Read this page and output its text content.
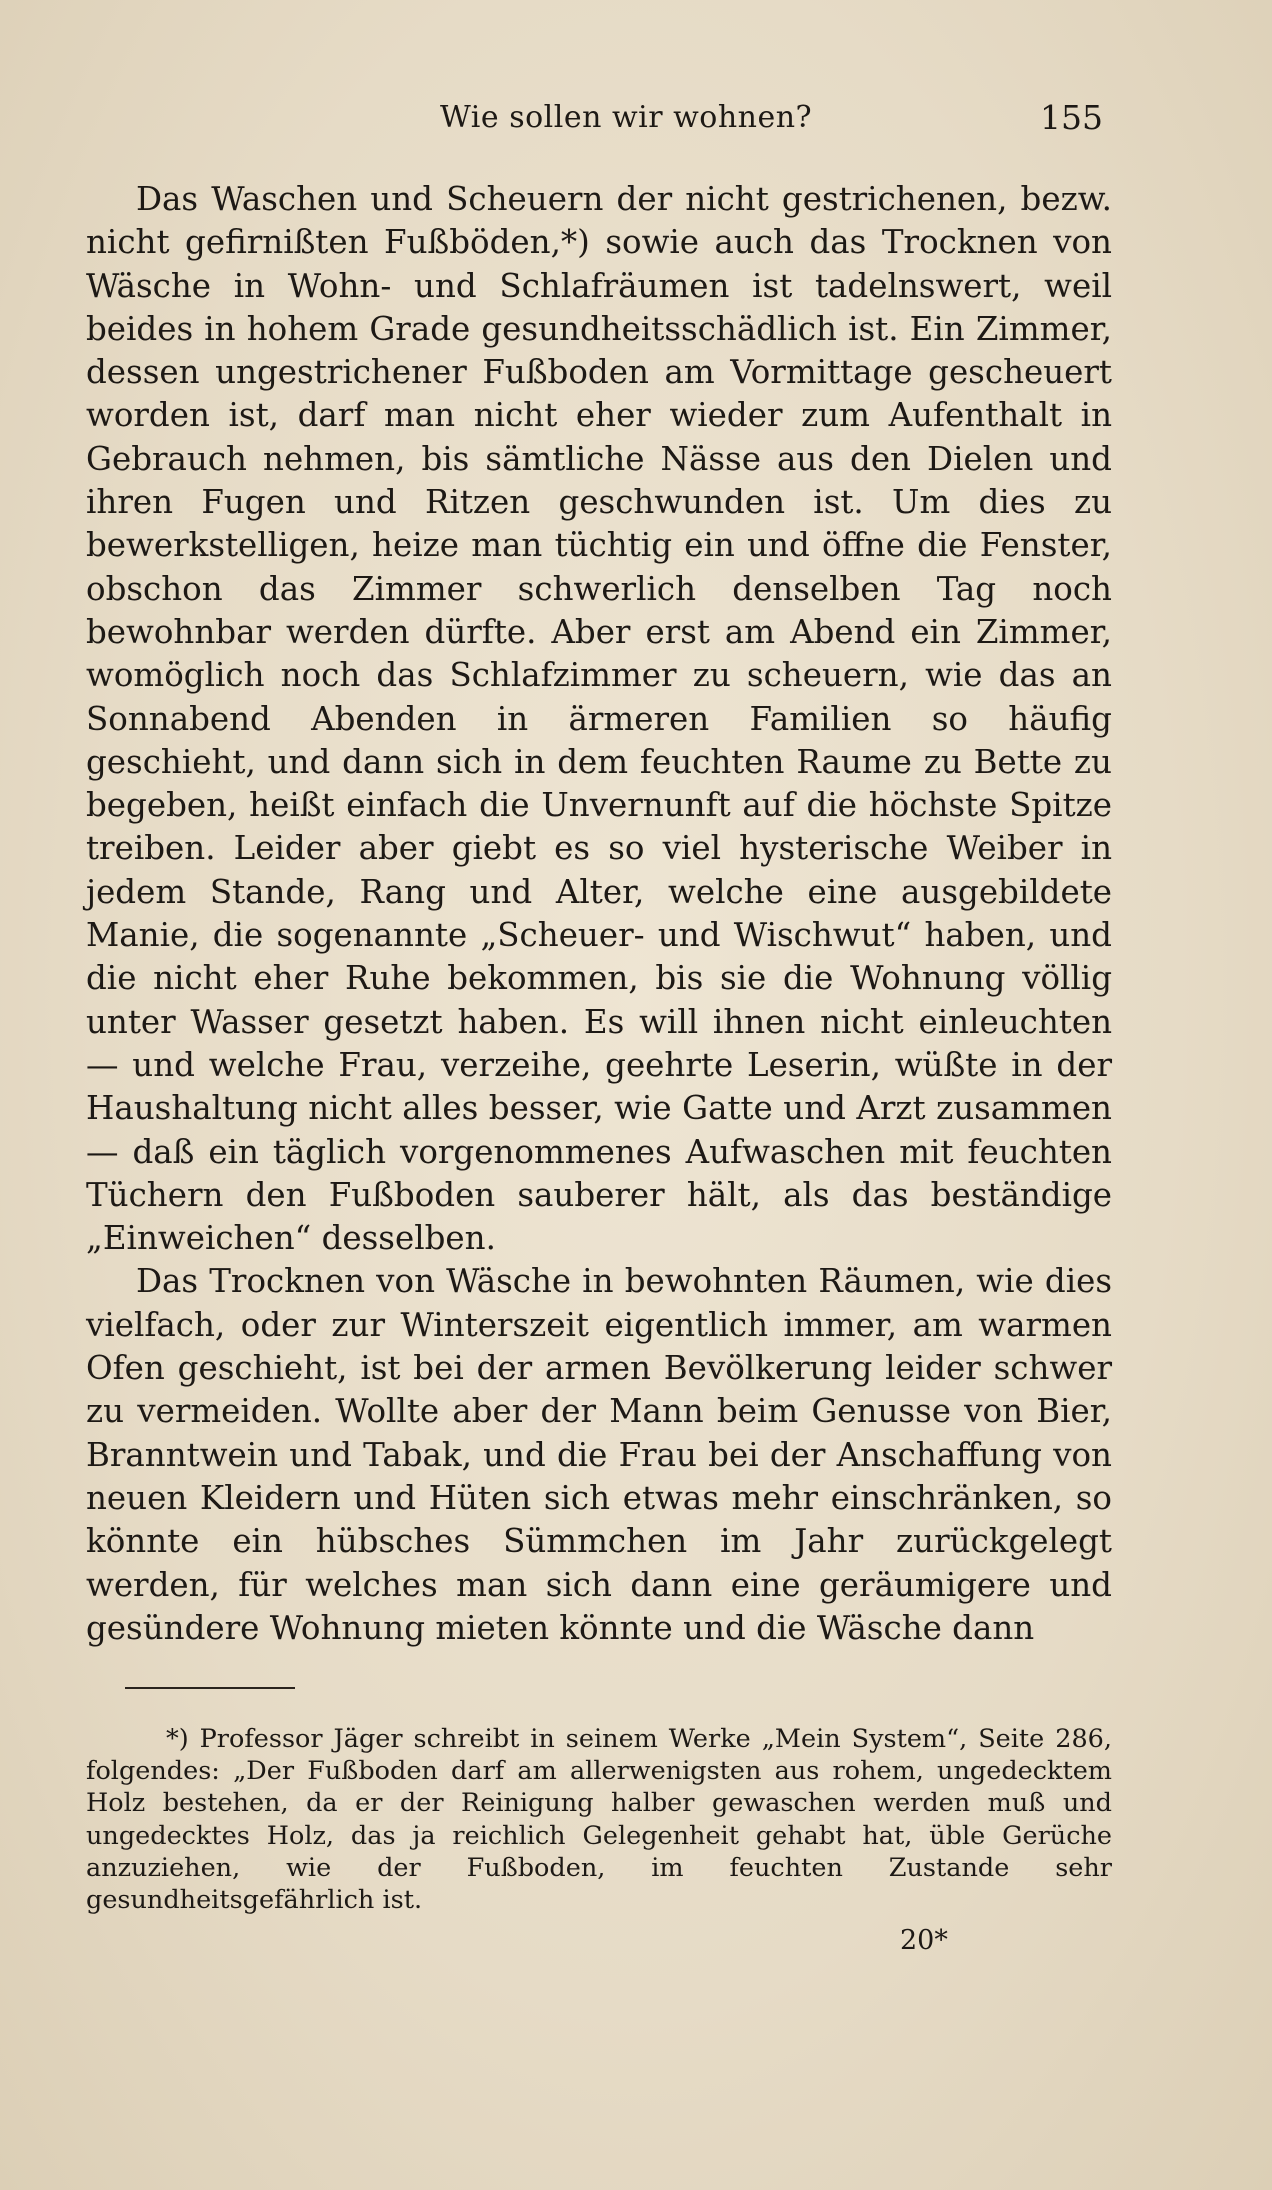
Wie sollen wir wohnen?	155

Das Waschen und Scheuern der nicht gestrichenen, bezw. nicht gefirnißten Fußböden,*) sowie auch das Trocknen von Wäsche in Wohn- und Schlafräumen ist tadelnswert, weil beides in hohem Grade gesundheitsschädlich ist. Ein Zimmer, dessen ungestrichener Fußboden am Vormittage gescheuert worden ist, darf man nicht eher wieder zum Aufenthalt in Gebrauch nehmen, bis sämtliche Nässe aus den Dielen und ihren Fugen und Ritzen geschwunden ist. Um dies zu bewerkstelligen, heize man tüchtig ein und öffne die Fenster, obschon das Zimmer schwerlich denselben Tag noch bewohnbar werden dürfte. Aber erst am Abend ein Zimmer, womöglich noch das Schlafzimmer zu scheuern, wie das an Sonnabend Abenden in ärmeren Familien so häufig geschieht, und dann sich in dem feuchten Raume zu Bette zu begeben, heißt einfach die Unvernunft auf die höchste Spitze treiben. Leider aber giebt es so viel hysterische Weiber in jedem Stande, Rang und Alter, welche eine ausgebildete Manie, die sogenannte „Scheuer- und Wischwut“ haben, und die nicht eher Ruhe bekommen, bis sie die Wohnung völlig unter Wasser gesetzt haben. Es will ihnen nicht einleuchten — und welche Frau, verzeihe, geehrte Leserin, wüßte in der Haushaltung nicht alles besser, wie Gatte und Arzt zusammen — daß ein täglich vorgenommenes Aufwaschen mit feuchten Tüchern den Fußboden sauberer hält, als das beständige „Einweichen“ desselben.

Das Trocknen von Wäsche in bewohnten Räumen, wie dies vielfach, oder zur Winterszeit eigentlich immer, am warmen Ofen geschieht, ist bei der armen Bevölkerung leider schwer zu vermeiden. Wollte aber der Mann beim Genusse von Bier, Branntwein und Tabak, und die Frau bei der Anschaffung von neuen Kleidern und Hüten sich etwas mehr einschränken, so könnte ein hübsches Sümmchen im Jahr zurückgelegt werden, für welches man sich dann eine geräumigere und gesündere Wohnung mieten könnte und die Wäsche dann

*) Professor Jäger schreibt in seinem Werke „Mein System“, Seite 286, folgendes: „Der Fußboden darf am allerwenigsten aus rohem, ungedecktem Holz bestehen, da er der Reinigung halber gewaschen werden muß und ungedecktes Holz, das ja reichlich Gelegenheit gehabt hat, üble Gerüche anzuziehen, wie der Fußboden, im feuchten Zustande sehr gesundheitsgefährlich ist.

20*
